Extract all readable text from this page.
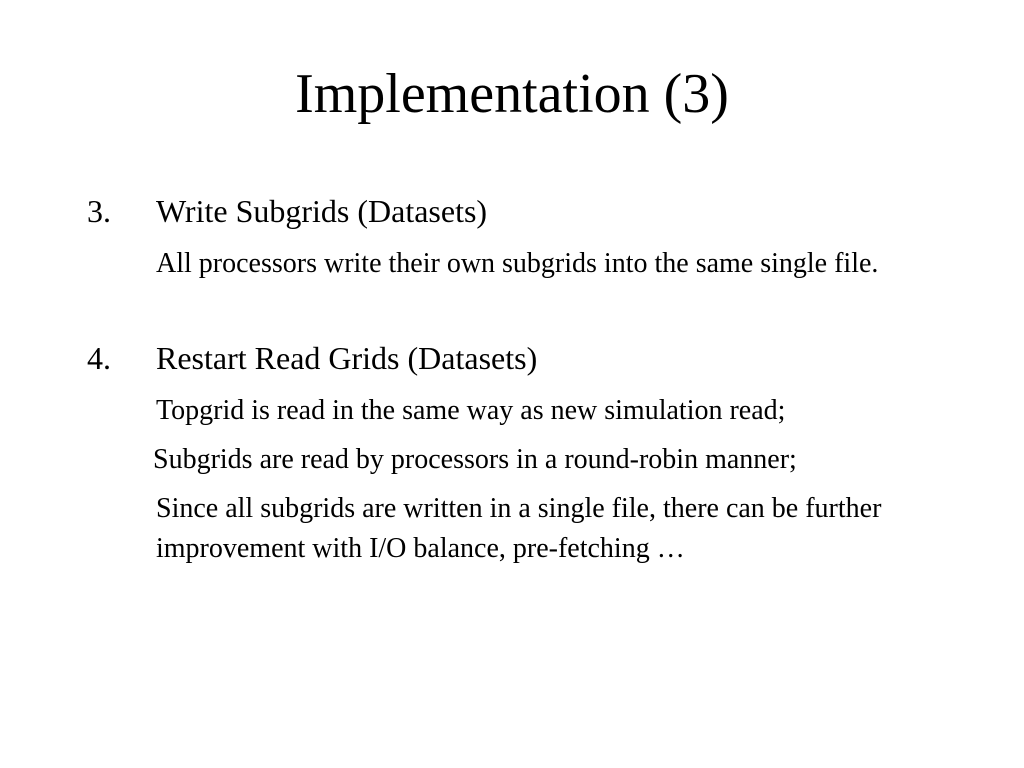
Implementation (3)
3. Write Subgrids (Datasets)
All processors write their own subgrids into the same single file.
4. Restart Read Grids (Datasets)
Topgrid is read in the same way as new simulation read;
Subgrids are read by processors in a round-robin manner;
Since all subgrids are written in a single file, there can be further improvement with I/O balance, pre-fetching …
